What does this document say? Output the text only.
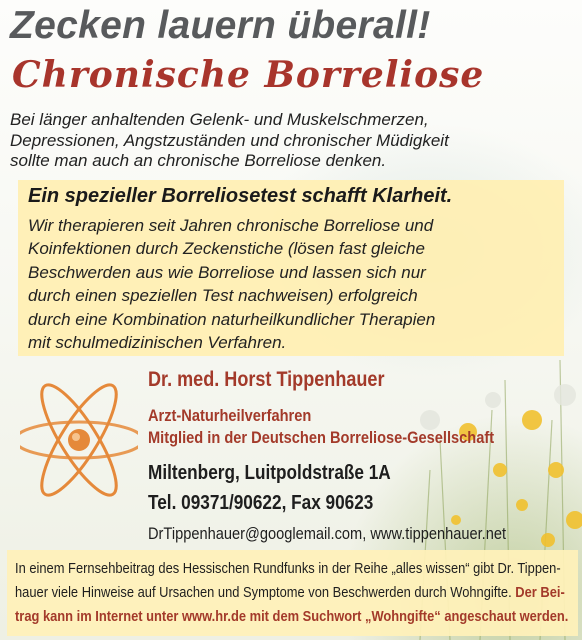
Zecken lauern überall!
Chronische Borreliose

Bei länger anhaltenden Gelenk- und Muskelschmerzen,
Depressionen, Angstzuständen und chronischer Müdigkeit
sollte man auch an chronische Borreliose denken.

Ein spezieller Borreliosetest schafft Klarheit.

Wir therapieren seit Jahren chronische Borreliose und
Koinfektionen durch Zeckenstiche (lösen fast gleiche
Beschwerden aus wie Borreliose und lassen sich nur
durch einen speziellen Test nachweisen) erfolgreich
durch eine Kombination naturheilkundlicher Therapien
mit schulmedizinischen Verfahren.

Dr. med. Horst Tippenhauer

Arzt-Naturheilverfahren

Mitglied in der Deutschen Borreliose-Gesellschaft

Miltenberg, Luitpoldstraße 1A

Tel. 09371/90622, Fax 90623

DrTippenhauer@googlemail.com, www.tippenhauer.net

In einem Fernsehbeitrag des Hessischen Rundfunks in der Reihe „alles wissen“ gibt Dr. Tippen-
hauer viele Hinweise auf Ursachen und Symptome von Beschwerden durch Wohngifte. Der Bei-
trag kann im Internet unter www.hr.de mit dem Suchwort „Wohngifte“ angeschaut werden.
